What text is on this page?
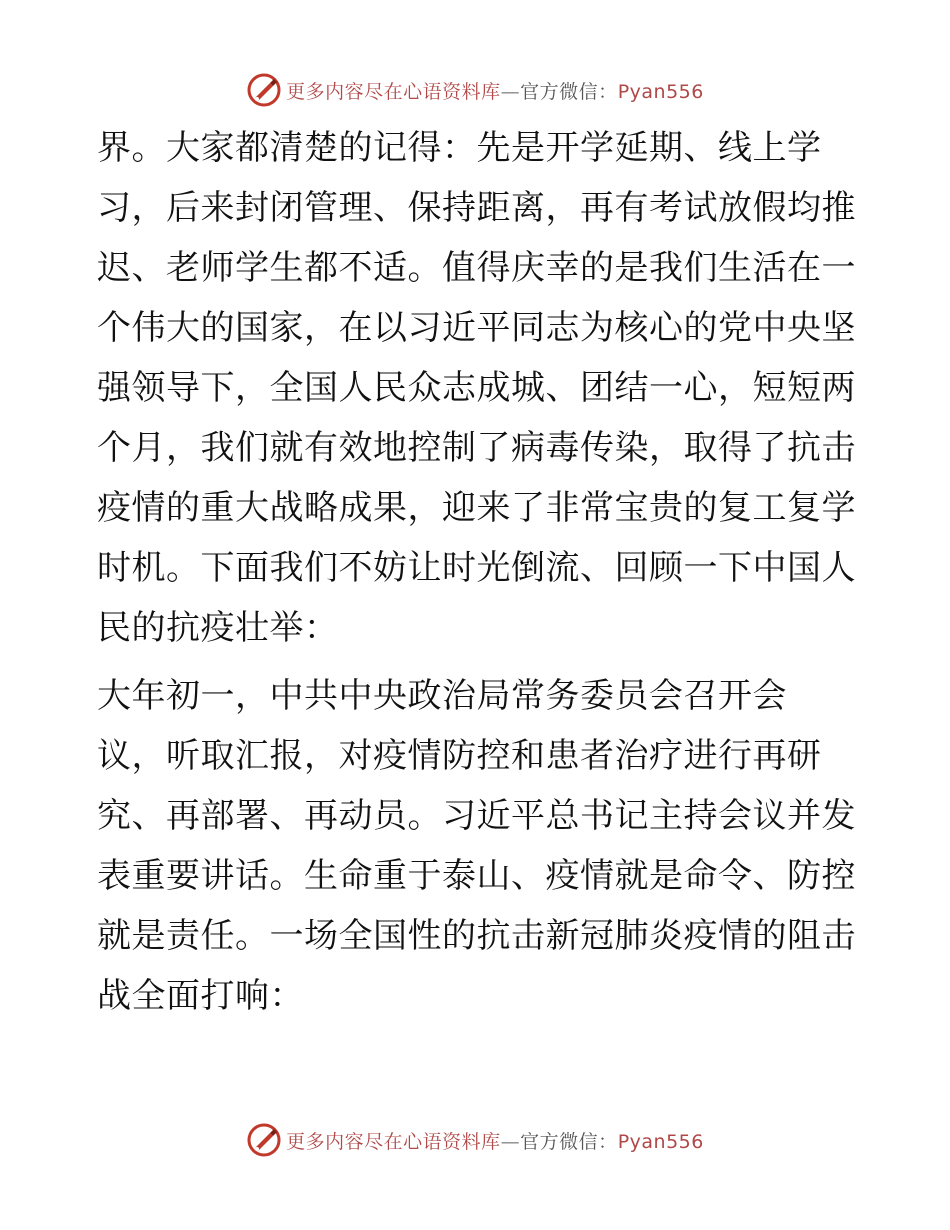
更多内容尽在心语资料库—官方微信：Pyan556

界。大家都清楚的记得：先是开学延期、线上学
习，后来封闭管理、保持距离，再有考试放假均推
迟、老师学生都不适。值得庆幸的是我们生活在一
个伟大的国家，在以习近平同志为核心的党中央坚
强领导下，全国人民众志成城、团结一心，短短两
个月，我们就有效地控制了病毒传染，取得了抗击
疫情的重大战略成果，迎来了非常宝贵的复工复学
时机。下面我们不妨让时光倒流、回顾一下中国人
民的抗疫壮举：

大年初一，中共中央政治局常务委员会召开会
议，听取汇报，对疫情防控和患者治疗进行再研
究、再部署、再动员。习近平总书记主持会议并发
表重要讲话。生命重于泰山、疫情就是命令、防控
就是责任。一场全国性的抗击新冠肺炎疫情的阻击
战全面打响：

更多内容尽在心语资料库—官方微信：Pyan556
